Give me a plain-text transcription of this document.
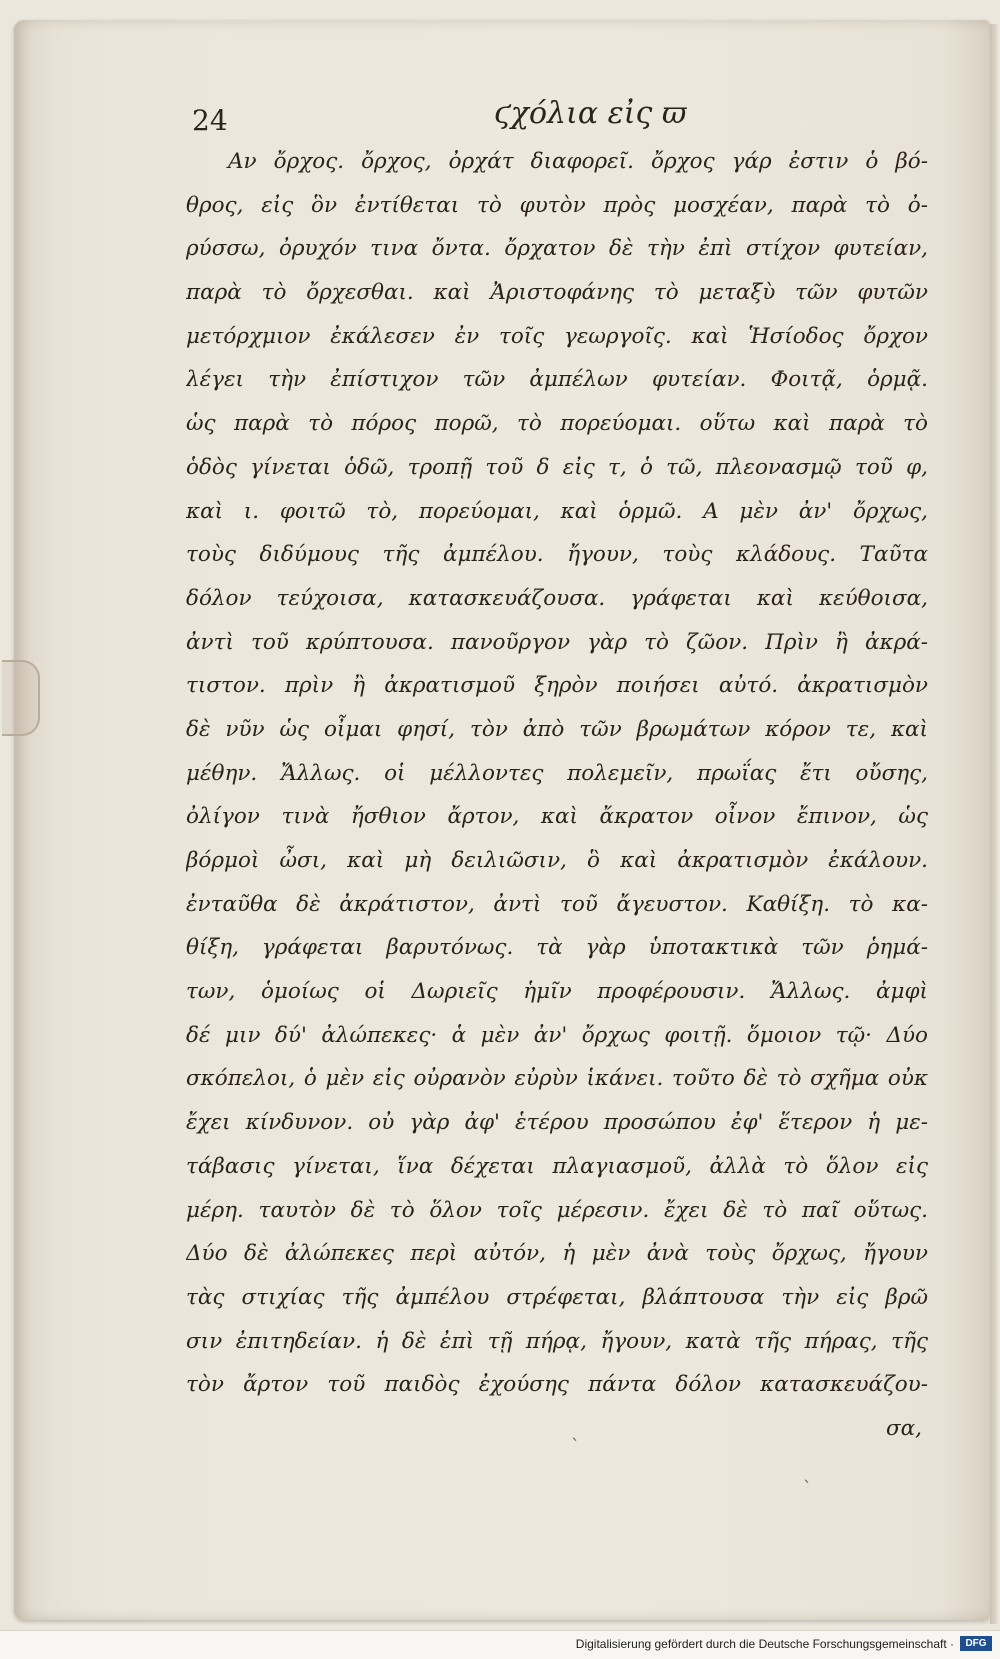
24	ϛχόλια εἰς ϖ
Αν ὄρχος. ὄρχος, ὀρχάτ διαφορεῖ. ὄρχος γάρ ἐστιν ὁ βό-
θρος, εἰς ὃν ἐντίθεται τὸ φυτὸν πρὸς μοσχέαν, παρὰ τὸ ὀ-
ρύσσω, ὀρυχόν τινα ὄντα. ὄρχατον δὲ τὴν ἐπὶ στίχον φυτείαν,
παρὰ τὸ ὄρχεσθαι. καὶ Ἀριστοφάνης τὸ μεταξὺ τῶν φυτῶν
μετόρχμιον ἐκάλεσεν ἐν τοῖς γεωργοῖς. καὶ Ἡσίοδος ὄρχον
λέγει τὴν ἐπίστιχον τῶν ἀμπέλων φυτείαν. Φοιτᾷ, ὁρμᾷ.
ὡς παρὰ τὸ πόρος πορῶ, τὸ πορεύομαι. οὕτω καὶ παρὰ τὸ
ὁδὸς γίνεται ὁδῶ, τροπῇ τοῦ δ εἰς τ, ὁ τῶ, πλεονασμῷ τοῦ φ,
καὶ ι. φοιτῶ τὸ, πορεύομαι, καὶ ὁρμῶ. Α μὲν ἀν' ὄρχως,
τοὺς διδύμους τῆς ἀμπέλου. ἤγουν, τοὺς κλάδους. Ταῦτα
δόλον τεύχοισα, κατασκευάζουσα. γράφεται καὶ κεύθοισα,
ἀντὶ τοῦ κρύπτουσα. πανοῦργον γὰρ τὸ ζῶον. Πρὶν ἢ ἀκρά-
τιστον. πρὶν ἢ ἀκρατισμοῦ ξηρὸν ποιήσει αὐτό. ἀκρατισμὸν
δὲ νῦν ὡς οἶμαι φησί, τὸν ἀπὸ τῶν βρωμάτων κόρον τε, καὶ
μέθην. Ἄλλως. οἱ μέλλοντες πολεμεῖν, πρωΐας ἔτι οὔσης,
ὀλίγον τινὰ ἤσθιον ἄρτον, καὶ ἄκρατον οἶνον ἔπινον, ὡς
βόρμοὶ ὦσι, καὶ μὴ δειλιῶσιν, ὃ καὶ ἀκρατισμὸν ἐκάλουν.
ἐνταῦθα δὲ ἀκράτιστον, ἀντὶ τοῦ ἄγευστον. Καθίξη. τὸ κα-
θίξη, γράφεται βαρυτόνως. τὰ γὰρ ὑποτακτικὰ τῶν ῥημά-
των, ὁμοίως οἱ Δωριεῖς ἡμῖν προφέρουσιν. Ἄλλως. ἀμφὶ
δέ μιν δύ' ἀλώπεκες· ἁ μὲν ἀν' ὄρχως φοιτῇ. ὅμοιον τῷ· Δύο
σκόπελοι, ὁ μὲν εἰς οὐρανὸν εὐρὺν ἱκάνει. τοῦτο δὲ τὸ σχῆμα οὐκ
ἔχει κίνδυνον. οὐ γὰρ ἀφ' ἑτέρου προσώπου ἐφ' ἕτερον ἡ με-
τάβασις γίνεται, ἵνα δέχεται πλαγιασμοῦ, ἀλλὰ τὸ ὅλον εἰς
μέρη. ταυτὸν δὲ τὸ ὅλον τοῖς μέρεσιν. ἔχει δὲ τὸ παῖ οὕτως.
Δύο δὲ ἀλώπεκες περὶ αὐτόν, ἡ μὲν ἀνὰ τοὺς ὄρχως, ἤγουν
τὰς στιχίας τῆς ἀμπέλου στρέφεται, βλάπτουσα τὴν εἰς βρῶ
σιν ἐπιτηδείαν. ἡ δὲ ἐπὶ τῇ πήρᾳ, ἤγουν, κατὰ τῆς πήρας, τῆς
τὸν ἄρτον τοῦ παιδὸς ἐχούσης πάντα δόλον κατασκευάζου-
σα,
ˋ
ˋ
Digitalisierung gefördert durch die Deutsche Forschungsgemeinschaft ·	DFG
